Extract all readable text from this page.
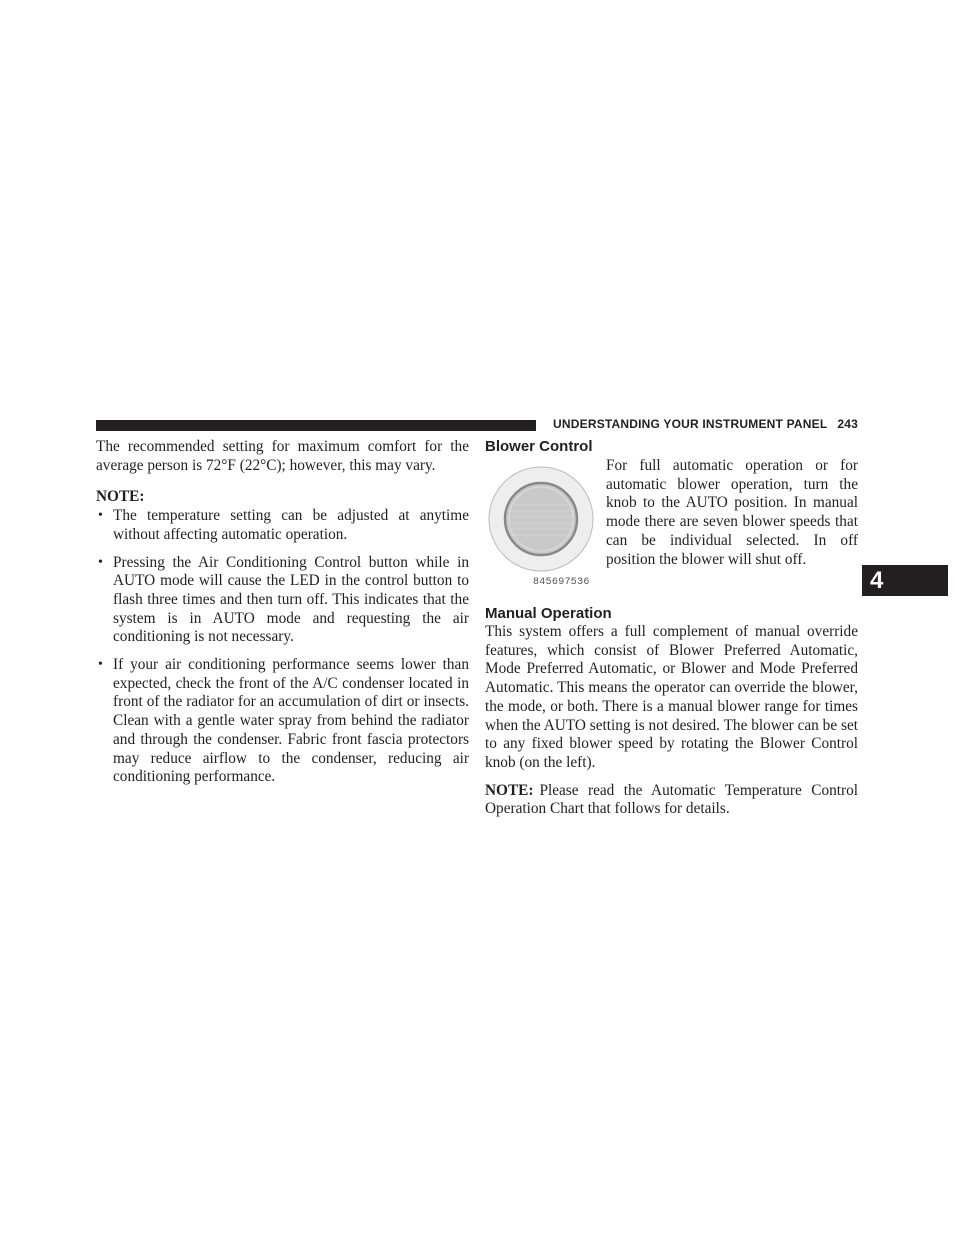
UNDERSTANDING YOUR INSTRUMENT PANEL 243

The recommended setting for maximum comfort for the average person is 72°F (22°C); however, this may vary.

NOTE:

• The temperature setting can be adjusted at anytime without affecting automatic operation.
• Pressing the Air Conditioning Control button while in AUTO mode will cause the LED in the control button to flash three times and then turn off. This indicates that the system is in AUTO mode and requesting the air conditioning is not necessary.
• If your air conditioning performance seems lower than expected, check the front of the A/C condenser located in front of the radiator for an accumulation of dirt or insects. Clean with a gentle water spray from behind the radiator and through the condenser. Fabric front fascia protectors may reduce airflow to the condenser, reducing air conditioning performance.
Blower Control
845697536

For full automatic operation or for automatic blower operation, turn the knob to the AUTO position. In manual mode there are seven blower speeds that can be individual selected. In off position the blower will shut off.

Manual Operation

This system offers a full complement of manual override features, which consist of Blower Preferred Automatic, Mode Preferred Automatic, or Blower and Mode Preferred Automatic. This means the operator can override the blower, the mode, or both. There is a manual blower range for times when the AUTO setting is not desired. The blower can be set to any fixed blower speed by rotating the Blower Control knob (on the left).

NOTE: Please read the Automatic Temperature Control Operation Chart that follows for details.

4
